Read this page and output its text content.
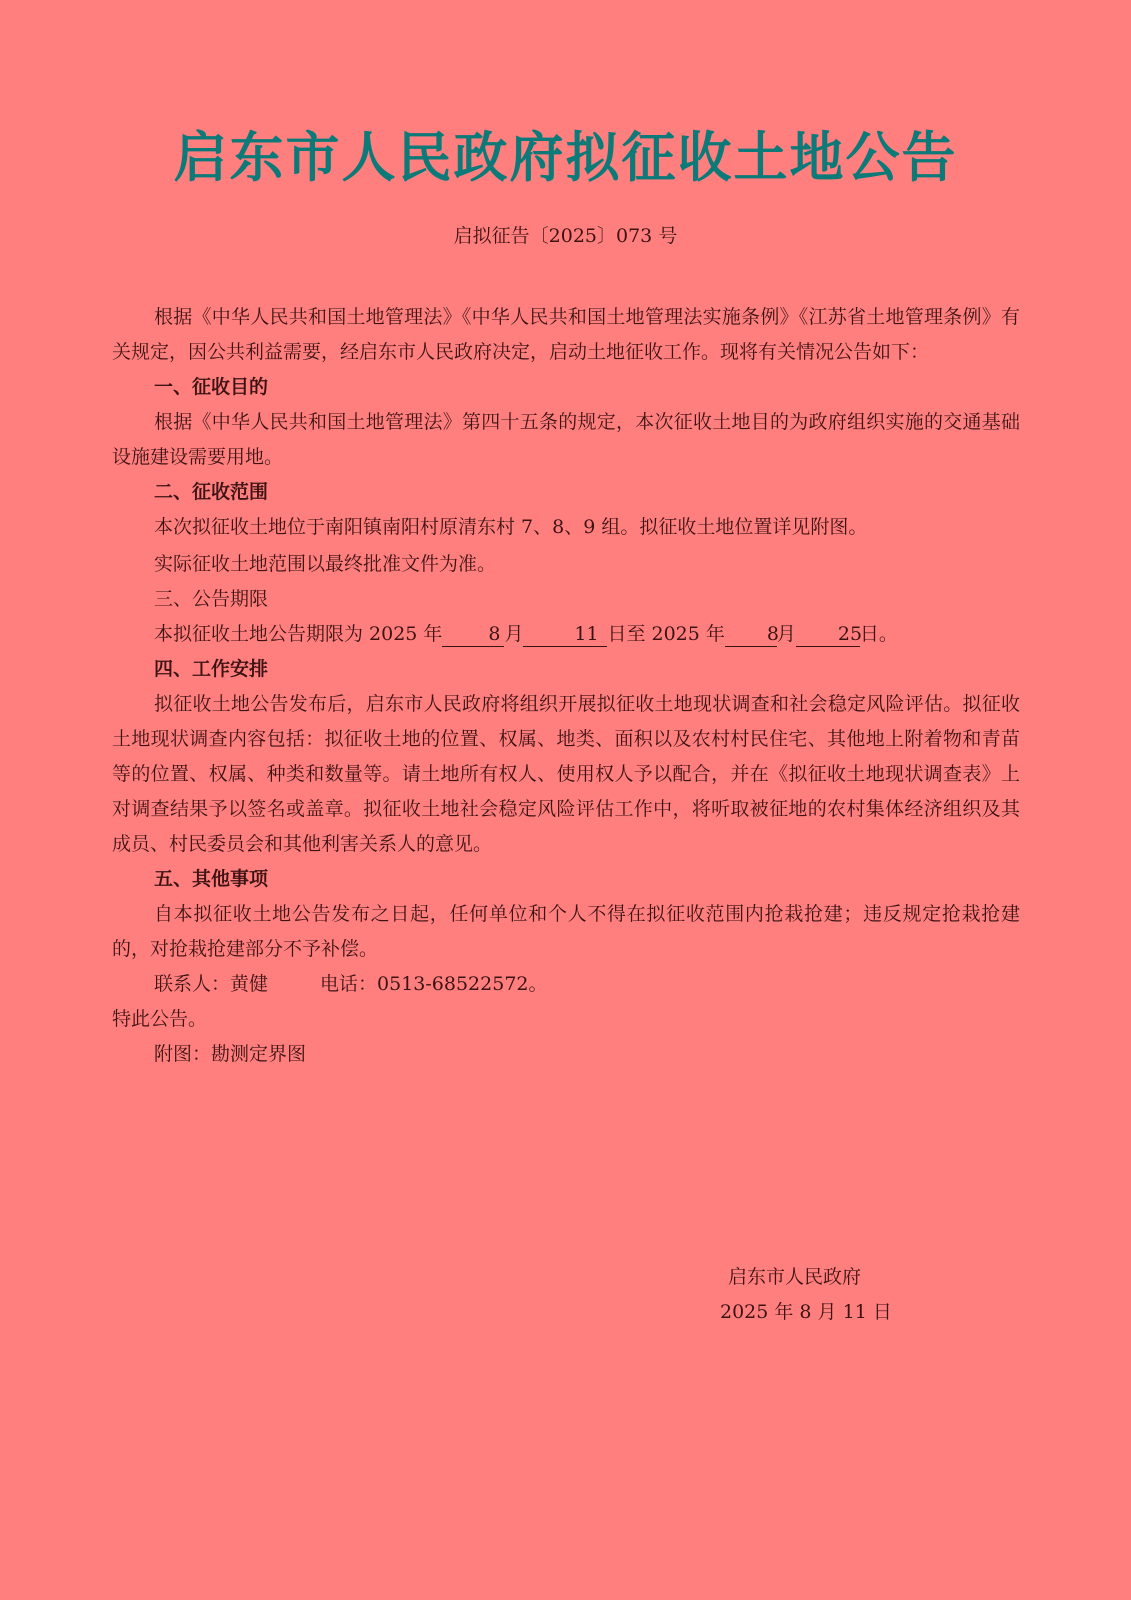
启东市人民政府拟征收土地公告
启拟征告〔2025〕073 号

根据《中华人民共和国土地管理法》《中华人民共和国土地管理法实施条例》《江苏省土地管理条例》有关规定，因公共利益需要，经启东市人民政府决定，启动土地征收工作。现将有关情况公告如下：

一、征收目的

根据《中华人民共和国土地管理法》第四十五条的规定，本次征收土地目的为政府组织实施的交通基础设施建设需要用地。

二、征收范围

本次拟征收土地位于南阳镇南阳村原清东村 7、8、9 组。拟征收土地位置详见附图。

实际征收土地范围以最终批准文件为准。

三、公告期限

本拟征收土地公告期限为 2025 年 8 月	11 日至 2025 年 8月 25日。

四、工作安排

拟征收土地公告发布后，启东市人民政府将组织开展拟征收土地现状调查和社会稳定风险评估。拟征收土地现状调查内容包括：拟征收土地的位置、权属、地类、面积以及农村村民住宅、其他地上附着物和青苗等的位置、权属、种类和数量等。请土地所有权人、使用权人予以配合，并在《拟征收土地现状调查表》上对调查结果予以签名或盖章。拟征收土地社会稳定风险评估工作中，将听取被征地的农村集体经济组织及其成员、村民委员会和其他利害关系人的意见。

五、其他事项

自本拟征收土地公告发布之日起，任何单位和个人不得在拟征收范围内抢栽抢建；违反规定抢栽抢建的，对抢栽抢建部分不予补偿。

联系人：黄健	电话：0513-68522572。

特此公告。

附图：勘测定界图

启东市人民政府
2025 年 8 月 11 日
